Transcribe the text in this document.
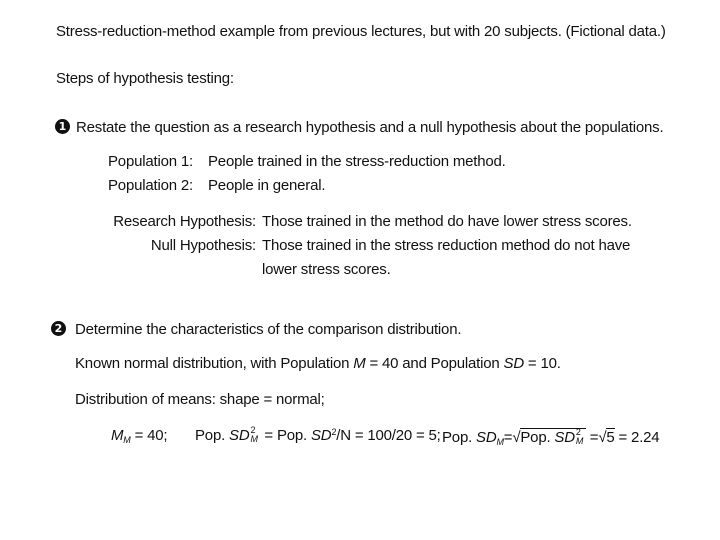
Stress-reduction-method example from previous lectures, but with 20 subjects. (Fictional data.)
Steps of hypothesis testing:
1 Restate the question as a research hypothesis and a null hypothesis about the populations.
Population 1: People trained in the stress-reduction method.
Population 2: People in general.
Research Hypothesis: Those trained in the method do have lower stress scores.
Null Hypothesis: Those trained in the stress reduction method do not have
lower stress scores.
2 Determine the characteristics of the comparison distribution.
Known normal distribution, with Population M = 40 and Population SD = 10.
Distribution of means: shape = normal;
$M_M = 40$; Pop. SD 2
M = Pop. $SD^2/N = 100/20 = 5$; Pop. $SD_M=√Pop$. SD 2
M =√5 = 2.24
